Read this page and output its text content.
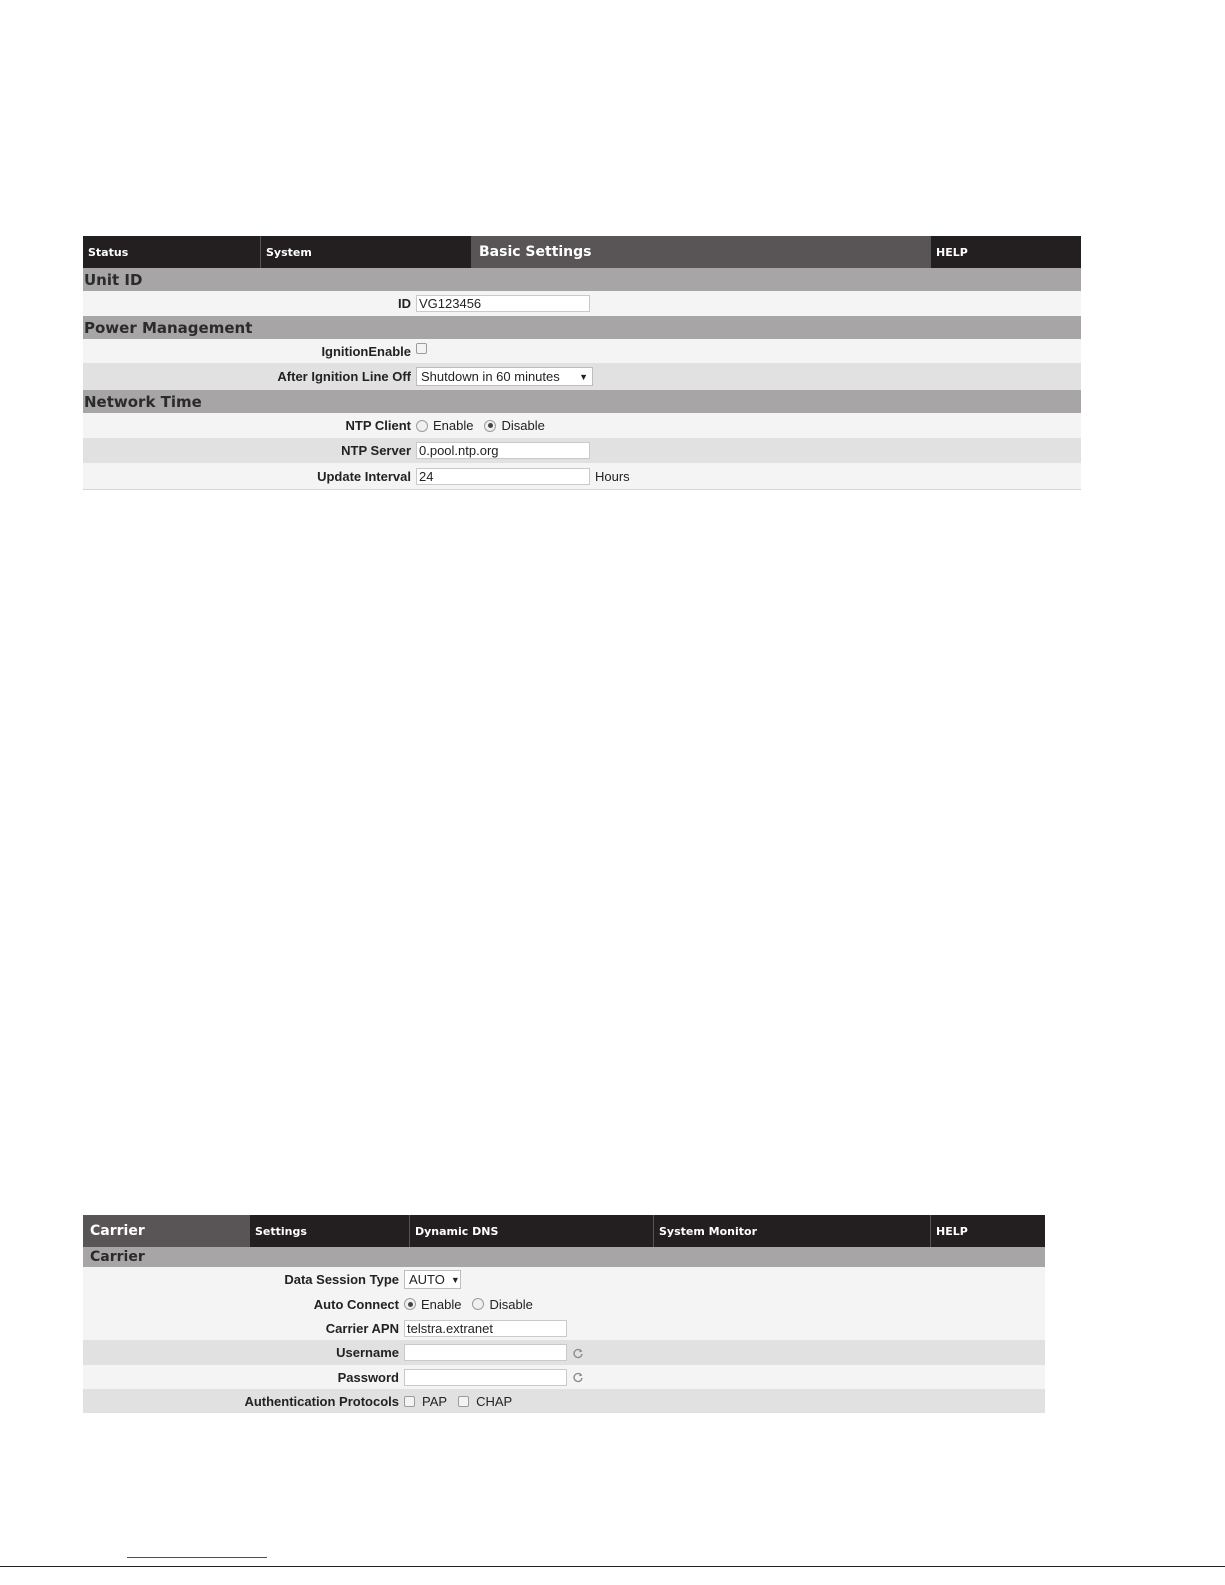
Status	System	Basic Settings	HELP
Unit ID
ID VG123456
Power Management
IgnitionEnable
After Ignition Line Off Shutdown in 60 minutes ▼
Network Time
NTP Client	Enable Disable
NTP Server 0.pool.ntp.org
Update Interval 24	Hours
Carrier	Settings	Dynamic DNS	System Monitor	HELP
Carrier
Data Session Type AUTO ▼
Auto Connect	Enable Disable
Carrier APN telstra.extranet
Username
Password
Authentication Protocols	PAP CHAP
